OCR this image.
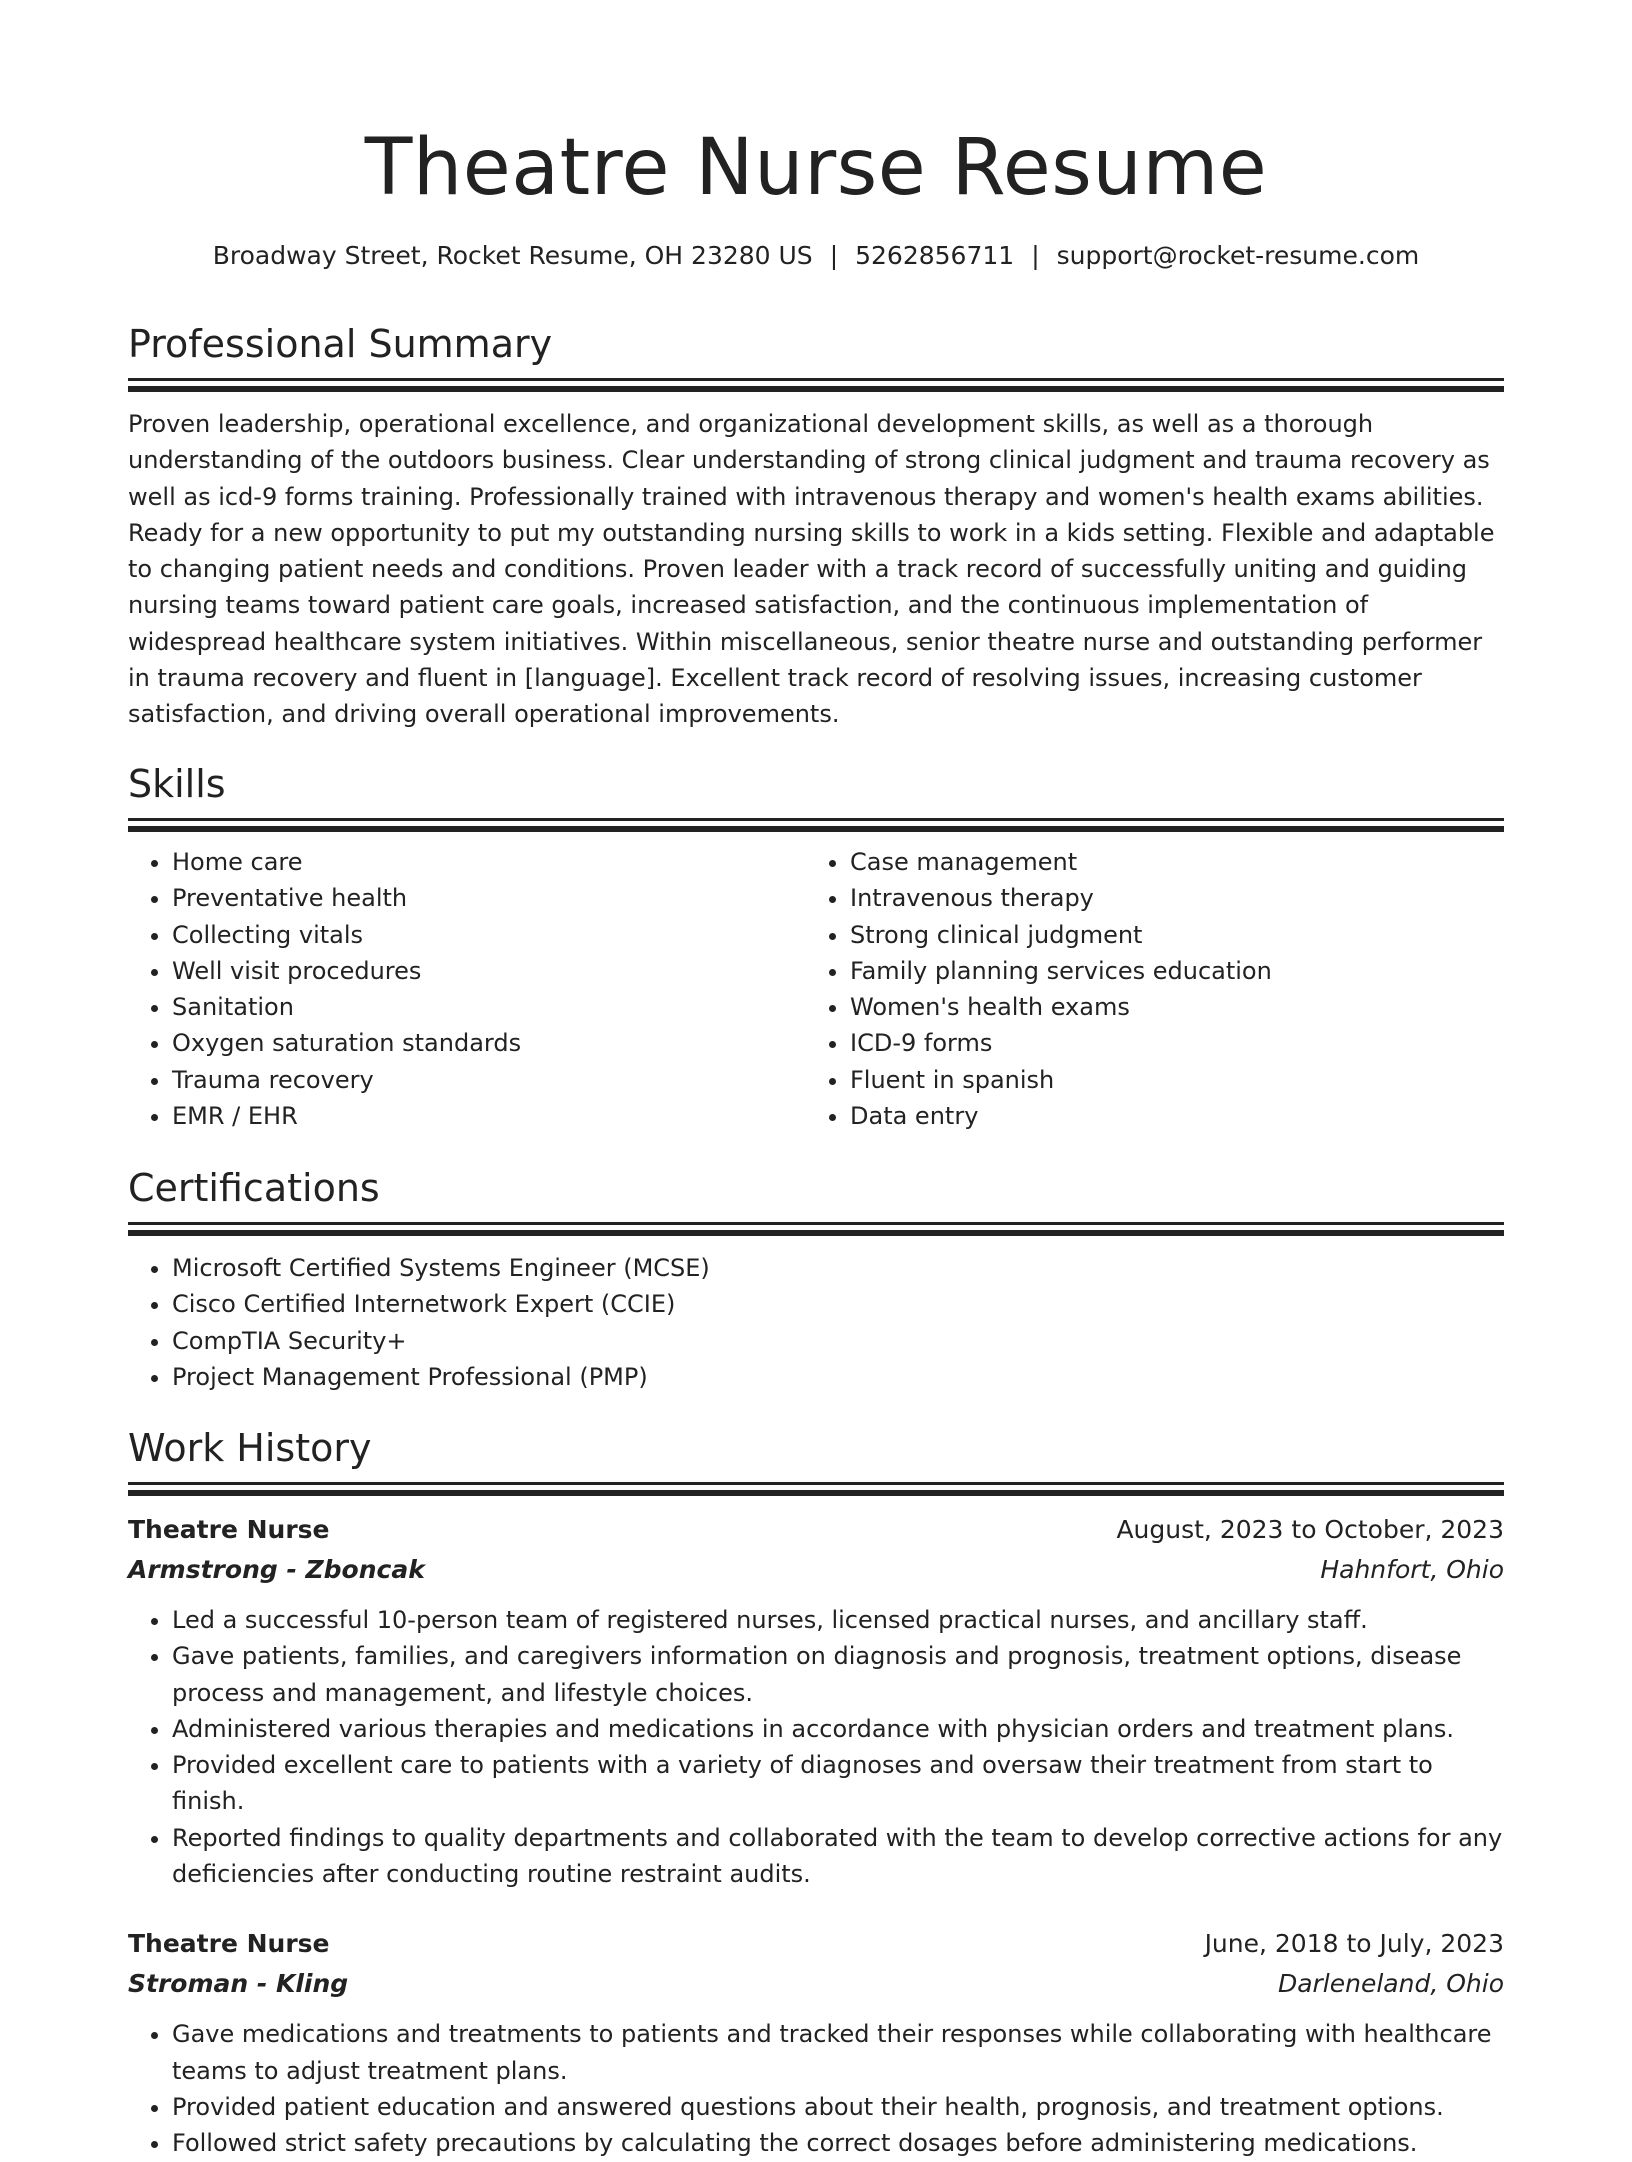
Theatre Nurse Resume
Broadway Street, Rocket Resume, OH 23280 US | 5262856711 | support@rocket-resume.com
Professional Summary

Proven leadership, operational excellence, and organizational development skills, as well as a thorough understanding of the outdoors business. Clear understanding of strong clinical judgment and trauma recovery as well as icd-9 forms training. Professionally trained with intravenous therapy and women's health exams abilities. Ready for a new opportunity to put my outstanding nursing skills to work in a kids setting. Flexible and adaptable to changing patient needs and conditions. Proven leader with a track record of successfully uniting and guiding nursing teams toward patient care goals, increased satisfaction, and the continuous implementation of widespread healthcare system initiatives. Within miscellaneous, senior theatre nurse and outstanding performer in trauma recovery and fluent in [language]. Excellent track record of resolving issues, increasing customer satisfaction, and driving overall operational improvements.

Skills
• Home care
• Preventative health
• Collecting vitals
• Well visit procedures
• Sanitation
• Oxygen saturation standards
• Trauma recovery
• EMR / EHR
• Case management
• Intravenous therapy
• Strong clinical judgment
• Family planning services education
• Women's health exams
• ICD-9 forms
• Fluent in spanish
• Data entry
Certifications
• Microsoft Certified Systems Engineer (MCSE)
• Cisco Certified Internetwork Expert (CCIE)
• CompTIA Security+
• Project Management Professional (PMP)
Work History
Theatre Nurse	August, 2023 to October, 2023
Armstrong - Zboncak	Hahnfort, Ohio
• Led a successful 10-person team of registered nurses, licensed practical nurses, and ancillary staff.
• Gave patients, families, and caregivers information on diagnosis and prognosis, treatment options, disease process and management, and lifestyle choices.
• Administered various therapies and medications in accordance with physician orders and treatment plans.
• Provided excellent care to patients with a variety of diagnoses and oversaw their treatment from start to finish.
• Reported findings to quality departments and collaborated with the team to develop corrective actions for any deficiencies after conducting routine restraint audits.
Theatre Nurse	June, 2018 to July, 2023
Stroman - Kling	Darleneland, Ohio
• Gave medications and treatments to patients and tracked their responses while collaborating with healthcare teams to adjust treatment plans.
• Provided patient education and answered questions about their health, prognosis, and treatment options.
• Followed strict safety precautions by calculating the correct dosages before administering medications.
